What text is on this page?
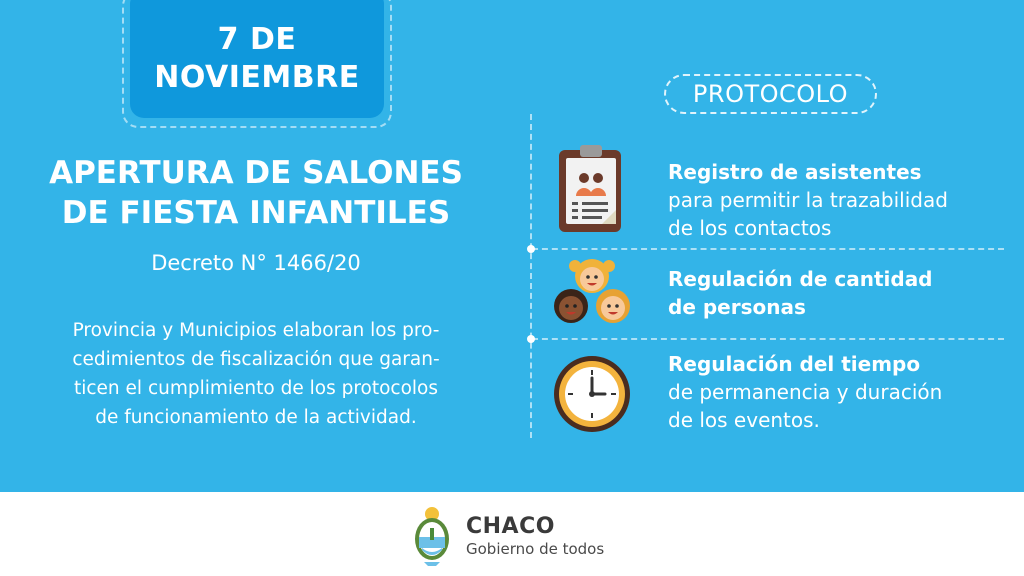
7 DE
NOVIEMBRE
APERTURA DE SALONES
DE FIESTA INFANTILES
Decreto N° 1466/20
Provincia y Municipios elaboran los pro-
cedimientos de fiscalización que garan-
ticen el cumplimiento de los protocolos
de funcionamiento de la actividad.
PROTOCOLO
Registro de asistentes
para permitir la trazabilidad
de los contactos
Regulación de cantidad
de personas
Regulación del tiempo
de permanencia y duración
de los eventos.
CHACO
Gobierno de todos
